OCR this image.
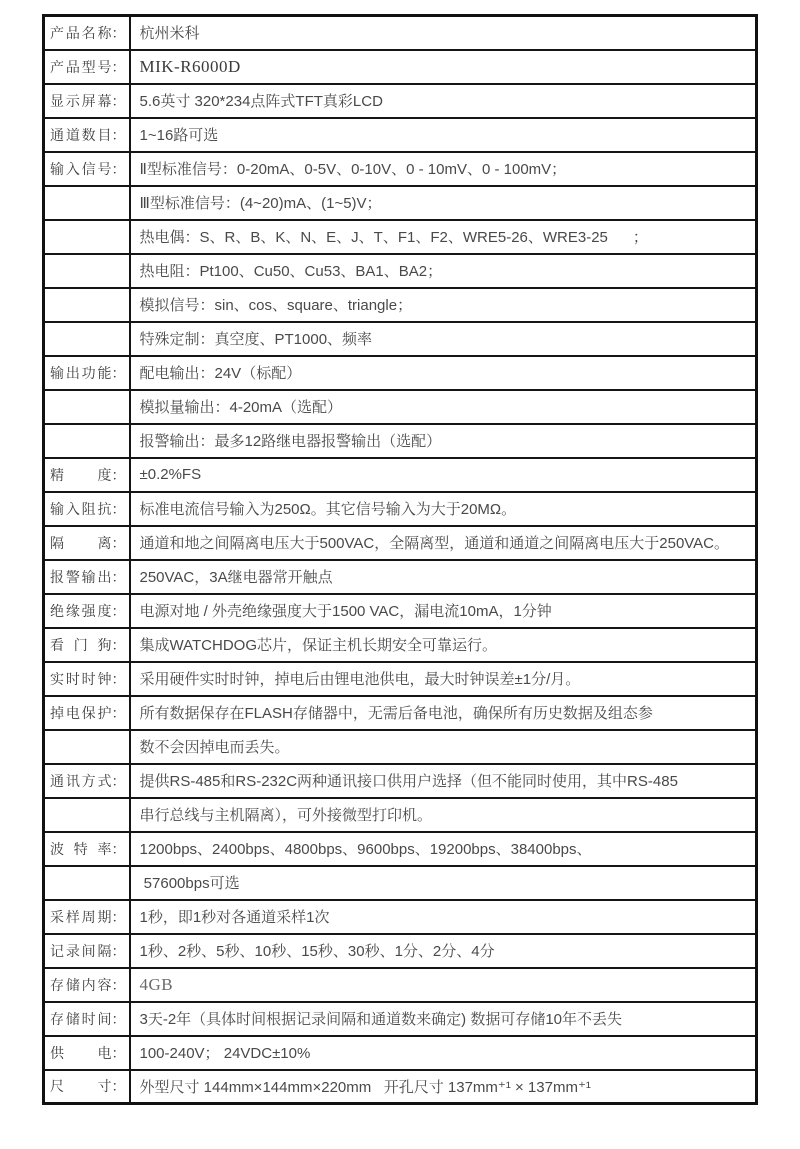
产品名称 ：	杭州米科

产品型号 ：	MIK-R6000D

显示屏幕 ：	5.6英寸 320*234点阵式TFT真彩LCD

通道数目 ：	1~16路可选

输入信号 ：	Ⅱ型标准信号：0-20mA、0-5V、0-10V、0 - 10mV、0 - 100mV；
	Ⅲ型标准信号：(4~20)mA、(1~5)V；
	热电偶：S、R、B、K、N、E、J、T、F1、F2、WRE5-26、WRE3-25      ；
	热电阻：Pt100、Cu50、Cu53、BA1、BA2；
	模拟信号：sin、cos、square、triangle；
	特殊定制：真空度、PT1000、频率

输出功能 ：	配电输出：24V（标配）
	模拟量输出：4-20mA（选配）
	报警输出：最多12路继电器报警输出（选配）

精度 ：	±0.2%FS

输入阻抗 ：	标准电流信号输入为250Ω。其它信号输入为大于20MΩ。

隔离 ：	通道和地之间隔离电压大于500VAC，全隔离型，通道和通道之间隔离电压大于250VAC。

报警输出 ：	250VAC，3A继电器常开触点

绝缘强度 ：	电源对地 / 外壳绝缘强度大于1500 VAC，漏电流10mA，1分钟

看门狗 ：	集成WATCHDOG芯片，保证主机长期安全可靠运行。

实时时钟 ：	采用硬件实时时钟，掉电后由锂电池供电，最大时钟误差±1分/月。

掉电保护 ：	所有数据保存在FLASH存储器中，无需后备电池，确保所有历史数据及组态参
	数不会因掉电而丢失。

通讯方式 ：	提供RS-485和RS-232C两种通讯接口供用户选择（但不能同时使用，其中RS-485
	串行总线与主机隔离），可外接微型打印机。

波特率 ：	1200bps、2400bps、4800bps、9600bps、19200bps、38400bps、
	57600bps可选

采样周期 ：	1秒，即1秒对各通道采样1次

记录间隔 ：	1秒、2秒、5秒、10秒、15秒、30秒、1分、2分、4分

存储内容 ：	4GB

存储时间 ：	3天-2年（具体时间根据记录间隔和通道数来确定) 数据可存储10年不丢失

供电 ：	100-240V； 24VDC±10%

尺寸 ：	外型尺寸 144mm×144mm×220mm   开孔尺寸 137mm⁺¹ × 137mm⁺¹
